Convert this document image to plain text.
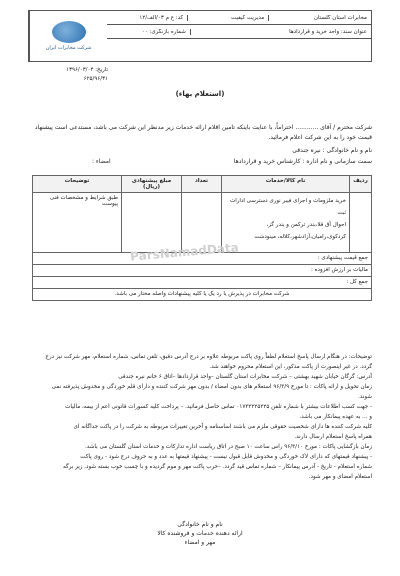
مخابرات استان گلستان
مدیریت کیفیت
کد: ع م ۰۳/الف/۱۲
عنوان سند: واحد خرید و قراردادها
شماره بازنگری: ۰۰
شرکت مخابرات ایران
تاریخ: ۱۳۹۶/۰۳/۰۴
۶۲۵/۹۶/۳۱
(استعلام بهاء)
شرکت محترم / آقای ............ احتراماً، با عنایت باینکه تامین اقلام ارائه خدمات زیر مدنظر این شرکت می باشد، مستدعی است پیشنهاد
قیمت خود را به این شرکت اعلام فرمائید.
نام و نام خانوادگی : نیره جندقی
سمت سازمانی و نام اداره : کارشناس خرید و قراردادها
امضاء :
ردیف	نام کالا/خدمات	تعداد	مبلغ پیشنهادی (ریال)	توضیحات

	خرید ملزومات و اجرای فیبر نوری دسترسی ادارات ثبت
احوال آق قلا،بندر ترکمن و بندر گز،
کردکوی،رامیان،آزادشهر،کلاله، مینودشت			طبق شرایط و مشخصات فنی پیوست
جمع قیمت پیشنهادی :				
مالیات بر ارزش افزوده :				
جمع کل :				
شرکت مخابرات در پذیرش یا رد یک یا کلیه پیشنهادات واصله مختار می باشد.				
ParsNamadData
توضیحات: در هنگام ارسال پاسخ استعلام لطفاً روی پاکت مربوطه علاوه بر درج آدرس دقیق، تلفن تماس، شماره استعلام، مهر شرکت نیز درج
گردد. در غیر اینصورت از پاکت مذکور، این استعلام محروم خواهند شد.
آدرس: گرگان خیابان شهید بهشتی – شرکت مخابرات استان گلستان –واحد قراردادها –اتاق ۶ خانم نیره جندقی
زمان تحویل و ارائه پاکات : تا مورخ ۹۶/۳/۹ استعلام های بدون امضاء / بدون مهر شرکت کننده و دارای قلم خوردگی و مخدوش پذیرفته نمی
شوند.
- جهت کسب اطلاعات بیشتر با شماره تلفن ۰۱۷۳۲۲۲۵۲۲۵ تماس حاصل فرمائید. – پرداخت کلیه کسورات قانونی اعم از بیمه، مالیات
و ... به عهده پیمانکار می باشد.
کلیه شرکت کننده ها دارای شخصیت حقوقی ملزم می باشند اساسنامه و آخرین تغییرات مربوطه به شرکت را در پاکت جداگانه ای
همراه پاسخ استعلام ارسال دارند.
زمان بازگشایی پاکات : مورخ ۹۶/۳/۱۰ راس ساعت ۱۰ صبح در اتاق ریاست اداره تدارکات و خدمات استان گلستان می باشد.
- پیشنهاد قیمتهای که دارای لاک خوردگی و مخدوش قابل قبول نیست - پیشنهاد قیمتها به عدد و به حروف درج شود - روی پاکت
شماره استعلام - تاریخ - آدرس پیمانکار – شماره تماس قید گردد. –حرب پاکت مهر و موم گردیده و با چسب خوب بسته شود. زیر برگه
استعلام امضای و مهر شود.
نام و نام خانوادگی
ارائه دهنده خدمات و فروشنده کالا
مهر و امضاء
